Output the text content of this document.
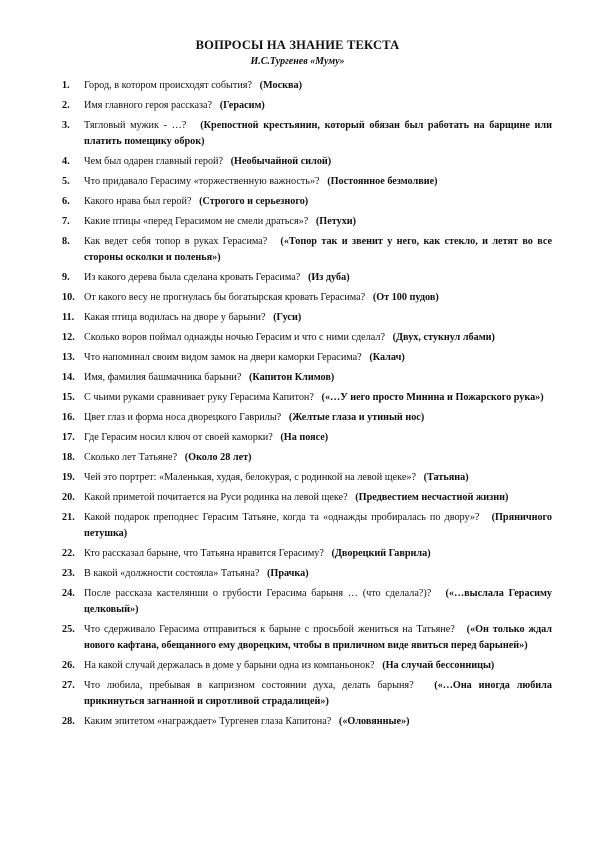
ВОПРОСЫ НА ЗНАНИЕ ТЕКСТА
И.С.Тургенев «Муму»
1. Город, в котором происходят события? (Москва)
2. Имя главного героя рассказа? (Герасим)
3. Тягловый мужик - …? (Крепостной крестьянин, который обязан был работать на барщине или платить помещику оброк)
4. Чем был одарен главный герой? (Необычайной силой)
5. Что придавало Герасиму «торжественную важность»? (Постоянное безмолвие)
6. Какого нрава был герой? (Строгого и серьезного)
7. Какие птицы «перед Герасимом не смели драться»? (Петухи)
8. Как ведет себя топор в руках Герасима? («Топор так и звенит у него, как стекло, и летят во все стороны осколки и поленья»)
9. Из какого дерева была сделана кровать Герасима? (Из дуба)
10. От какого весу не прогнулась бы богатырская кровать Герасима? (От 100 пудов)
11. Какая птица водилась на дворе у барыни? (Гуси)
12. Сколько воров поймал однажды ночью Герасим и что с ними сделал? (Двух, стукнул лбами)
13. Что напоминал своим видом замок на двери каморки Герасима? (Калач)
14. Имя, фамилия башмачника барыни? (Капитон Климов)
15. С чьими руками сравнивает руку Герасима Капитон? («…У него просто Минина и Пожарского рука»)
16. Цвет глаз и форма носа дворецкого Гаврилы? (Желтые глаза и утиный нос)
17. Где Герасим носил ключ от своей каморки? (На поясе)
18. Сколько лет Татьяне? (Около 28 лет)
19. Чей это портрет: «Маленькая, худая, белокурая, с родинкой на левой щеке»? (Татьяна)
20. Какой приметой почитается на Руси родинка на левой щеке? (Предвестием несчастной жизни)
21. Какой подарок преподнес Герасим Татьяне, когда та «однажды пробиралась по двору»? (Пряничного петушка)
22. Кто рассказал барыне, что Татьяна нравится Герасиму? (Дворецкий Гаврила)
23. В какой «должности состояла» Татьяна? (Прачка)
24. После рассказа кастелянши о грубости Герасима барыня … (что сделала?)? («…выслала Герасиму целковый»)
25. Что сдерживало Герасима отправиться к барыне с просьбой жениться на Татьяне? («Он только ждал нового кафтана, обещанного ему дворецким, чтобы в приличном виде явиться перед барыней»)
26. На какой случай держалась в доме у барыни одна из компаньонок? (На случай бессонницы)
27. Что любила, пребывая в капризном состоянии духа, делать барыня? («…Она иногда любила прикинуться загнанной и сиротливой страдалицей»)
28. Каким эпитетом «награждает» Тургенев глаза Капитона? («Оловянные»)
